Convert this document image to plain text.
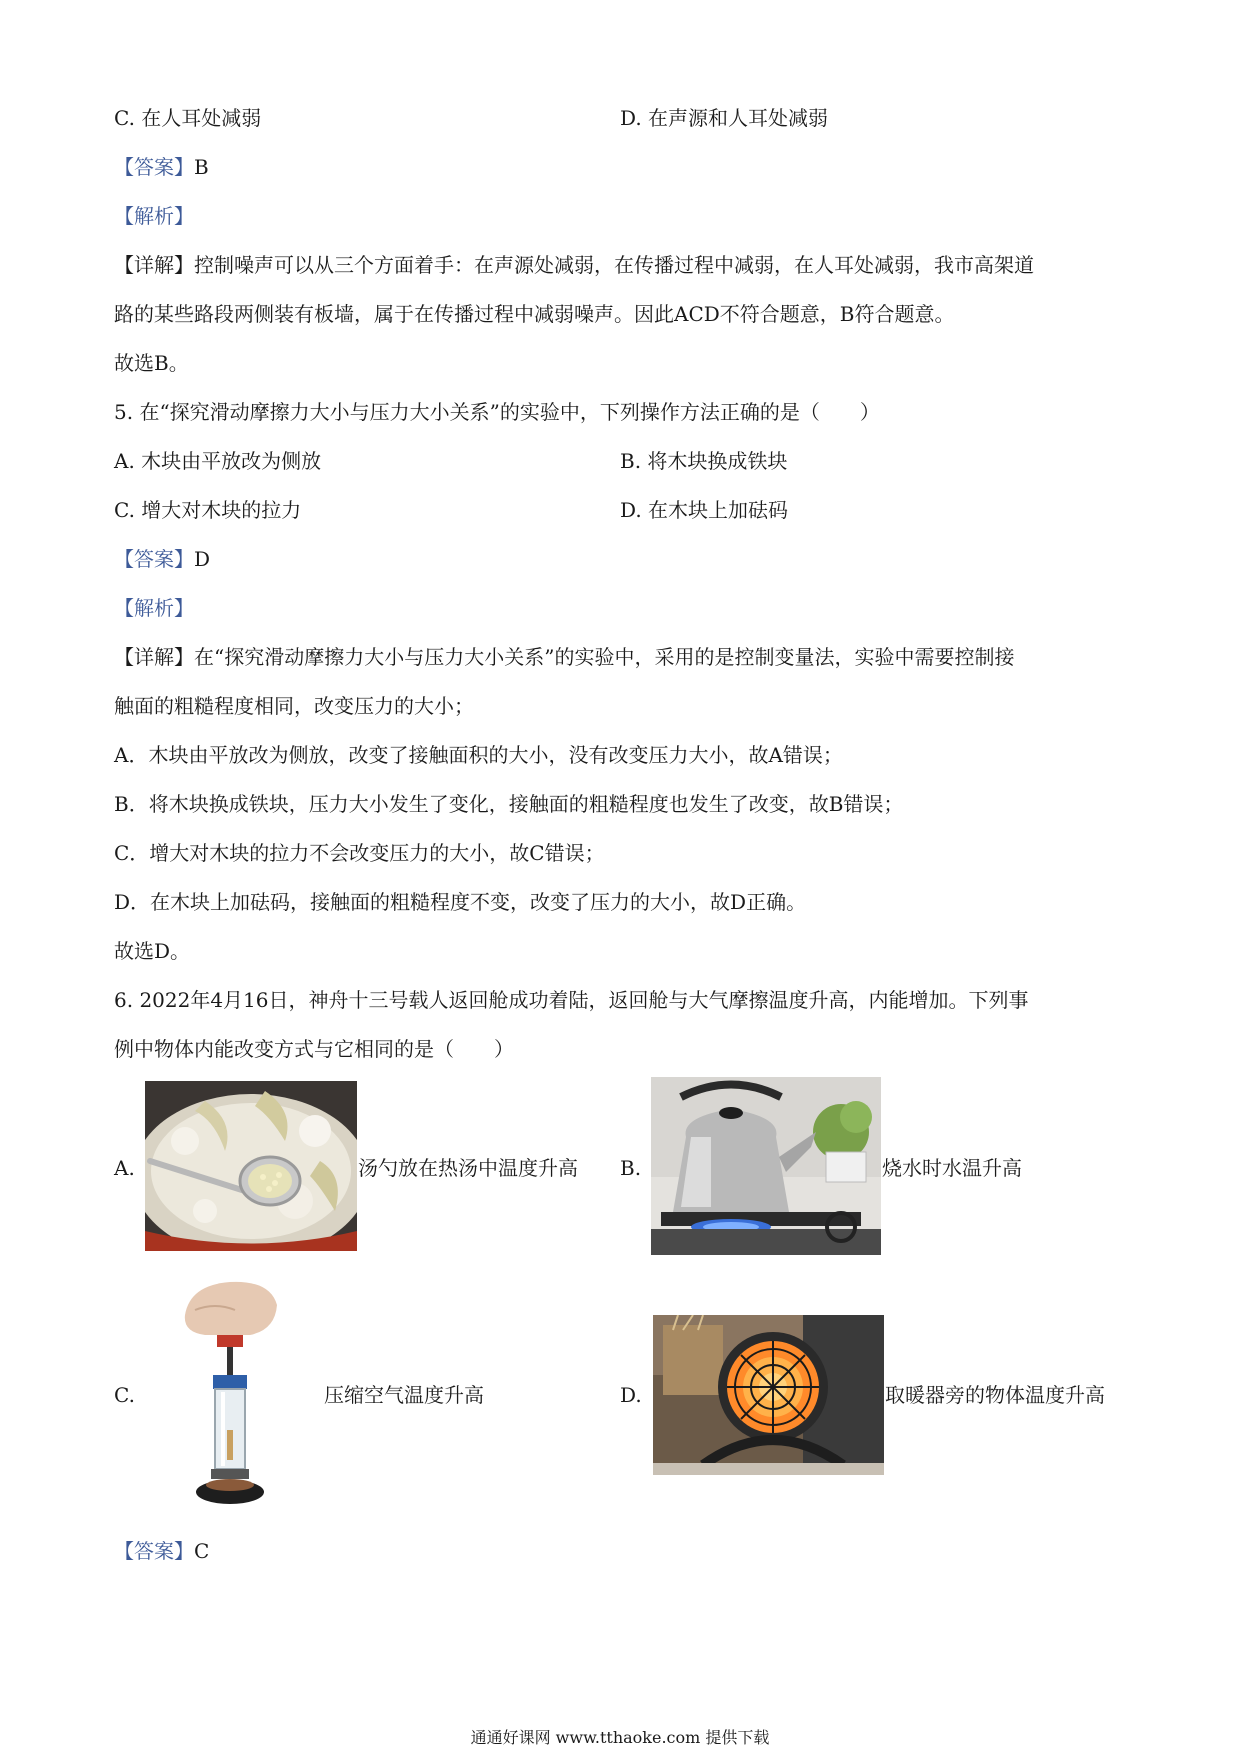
C. 在人耳处减弱	D. 在声源和人耳处减弱
【答案】B
【解析】
【详解】控制噪声可以从三个方面着手：在声源处减弱，在传播过程中减弱，在人耳处减弱，我市高架道
路的某些路段两侧装有板墙，属于在传播过程中减弱噪声。因此ACD不符合题意，B符合题意。
故选B。
5. 在“探究滑动摩擦力大小与压力大小关系”的实验中，下列操作方法正确的是（　　）
A. 木块由平放改为侧放	B. 将木块换成铁块
C. 增大对木块的拉力	D. 在木块上加砝码
【答案】D
【解析】
【详解】在“探究滑动摩擦力大小与压力大小关系”的实验中，采用的是控制变量法，实验中需要控制接
触面的粗糙程度相同，改变压力的大小；
A．木块由平放改为侧放，改变了接触面积的大小，没有改变压力大小，故A错误；
B．将木块换成铁块，压力大小发生了变化，接触面的粗糙程度也发生了改变，故B错误；
C．增大对木块的拉力不会改变压力的大小，故C错误；
D．在木块上加砝码，接触面的粗糙程度不变，改变了压力的大小，故D正确。
故选D。
6. 2022年4月16日，神舟十三号载人返回舱成功着陆，返回舱与大气摩擦温度升高，内能增加。下列事
例中物体内能改变方式与它相同的是（　　）
A.	汤勺放在热汤中温度升高 B.	烧水时水温升高
C.	压缩空气温度升高	D.	取暖器旁的物体温度升高
【答案】C
通通好课网 www.tthaoke.com 提供下载
